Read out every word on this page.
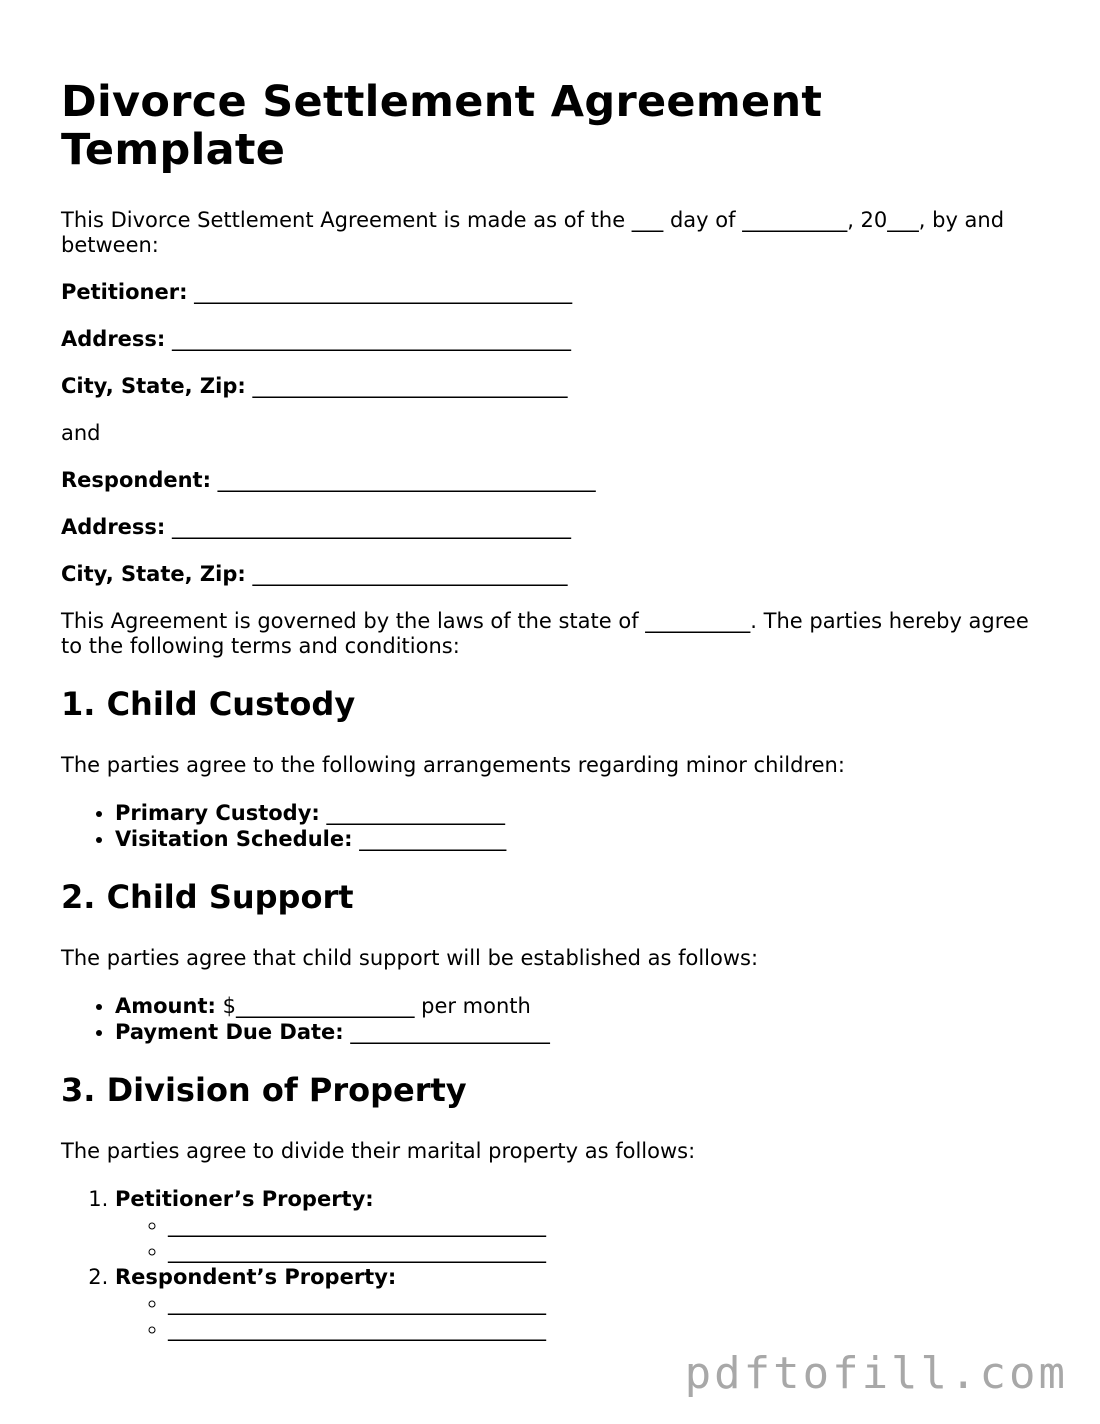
Divorce Settlement Agreement Template

This Divorce Settlement Agreement is made as of the ___ day of __________, 20___, by and between:

Petitioner: ____________________________________
Address: ______________________________________
City, State, Zip: ______________________________
and
Respondent: ____________________________________
Address: ______________________________________
City, State, Zip: ______________________________

This Agreement is governed by the laws of the state of __________. The parties hereby agree to the following terms and conditions:

1. Child Custody

The parties agree to the following arrangements regarding minor children:

• Primary Custody: _________________
• Visitation Schedule: ______________
2. Child Support

The parties agree that child support will be established as follows:

• Amount: $_________________ per month
• Payment Due Date: ___________________
3. Division of Property

The parties agree to divide their marital property as follows:

1. Petitioner’s Property:
◦ ____________________________________
◦ ____________________________________
2. Respondent’s Property:
◦ ____________________________________
◦ ____________________________________
pdftofill.com
